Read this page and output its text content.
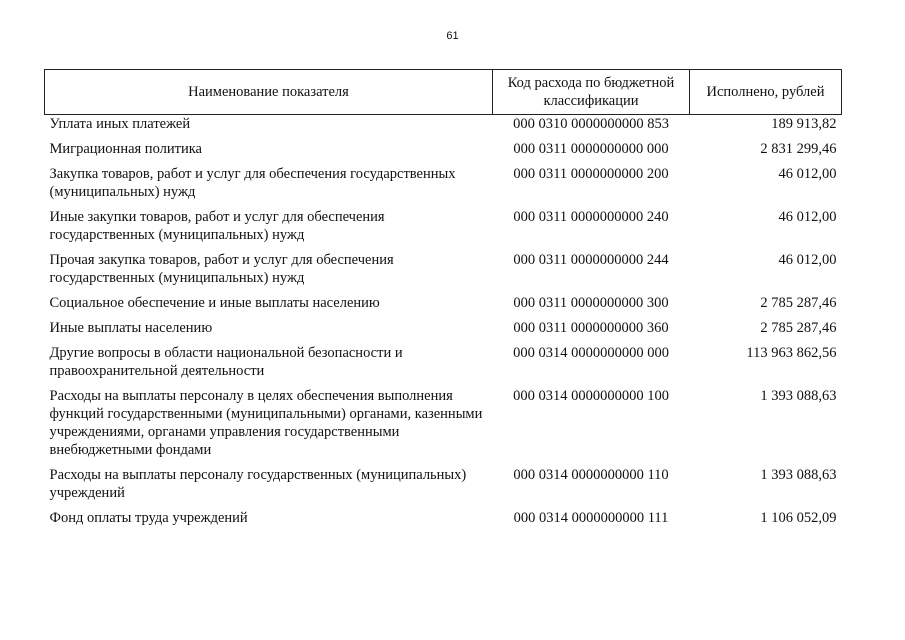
61
Наименование показателя	Код расхода по бюджетной классификации	Исполнено, рублей
Уплата иных платежей	000 0310 0000000000 853	189 913,82
Миграционная политика	000 0311 0000000000 000	2 831 299,46
Закупка товаров, работ и услуг для обеспечения государственных (муниципальных) нужд	000 0311 0000000000 200	46 012,00
Иные закупки товаров, работ и услуг для обеспечения государственных (муниципальных) нужд	000 0311 0000000000 240	46 012,00
Прочая закупка товаров, работ и услуг для обеспечения государственных (муниципальных) нужд	000 0311 0000000000 244	46 012,00
Социальное обеспечение и иные выплаты населению	000 0311 0000000000 300	2 785 287,46
Иные выплаты населению	000 0311 0000000000 360	2 785 287,46
Другие вопросы в области национальной безопасности и правоохранительной деятельности	000 0314 0000000000 000	113 963 862,56
Расходы на выплаты персоналу в целях обеспечения выполнения функций государственными (муниципальными) органами, казенными учреждениями, органами управления государственными внебюджетными фондами	000 0314 0000000000 100	1 393 088,63
Расходы на выплаты персоналу государственных (муниципальных) учреждений	000 0314 0000000000 110	1 393 088,63
Фонд оплаты труда учреждений	000 0314 0000000000 111	1 106 052,09
